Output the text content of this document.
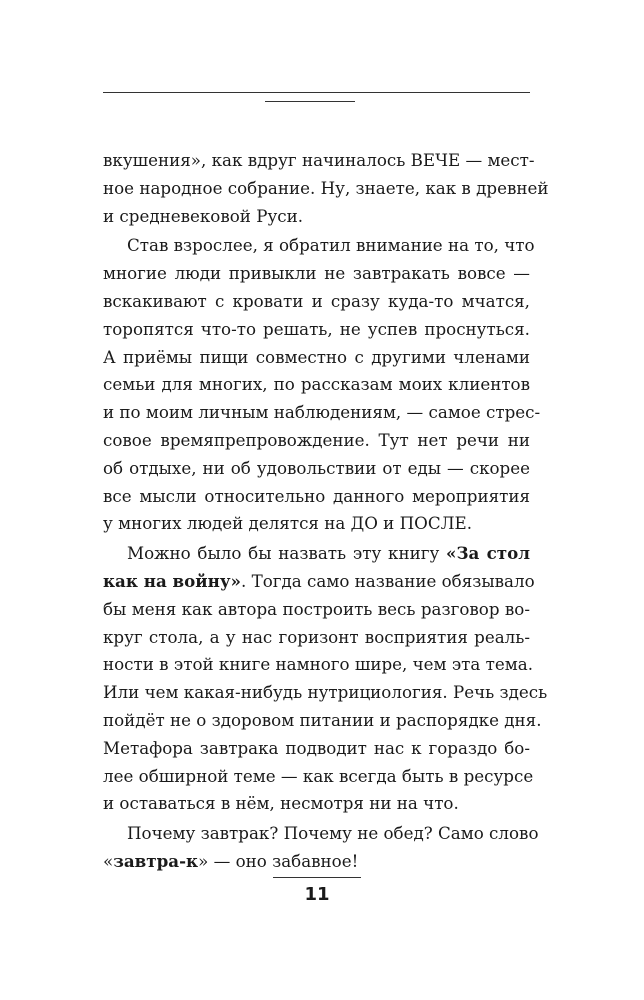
вкушения», как вдруг начиналось ВЕЧЕ — мест-
ное народное собрание. Ну, знаете, как в древней
и средневековой Руси.
Став взрослее, я обратил внимание на то, что
многие люди привыкли не завтракать вовсе —
вскакивают с кровати и сразу куда-то мчатся,
торопятся что-то решать, не успев проснуться.
А приёмы пищи совместно с другими членами
семьи для многих, по рассказам моих клиентов
и по моим личным наблюдениям, — самое стрес-
совое времяпрепровождение. Тут нет речи ни
об отдыхе, ни об удовольствии от еды — скорее
все мысли относительно данного мероприятия
у многих людей делятся на ДО и ПОСЛЕ.
Можно было бы назвать эту книгу «За стол
как на войну». Тогда само название обязывало
бы меня как автора построить весь разговор во-
круг стола, а у нас горизонт восприятия реаль-
ности в этой книге намного шире, чем эта тема.
Или чем какая-нибудь нутрициология. Речь здесь
пойдёт не о здоровом питании и распорядке дня.
Метафора завтрака подводит нас к гораздо бо-
лее обширной теме — как всегда быть в ресурсе
и оставаться в нём, несмотря ни на что.
Почему завтрак? Почему не обед? Само слово
«завтра-к» — оно забавное!
11
